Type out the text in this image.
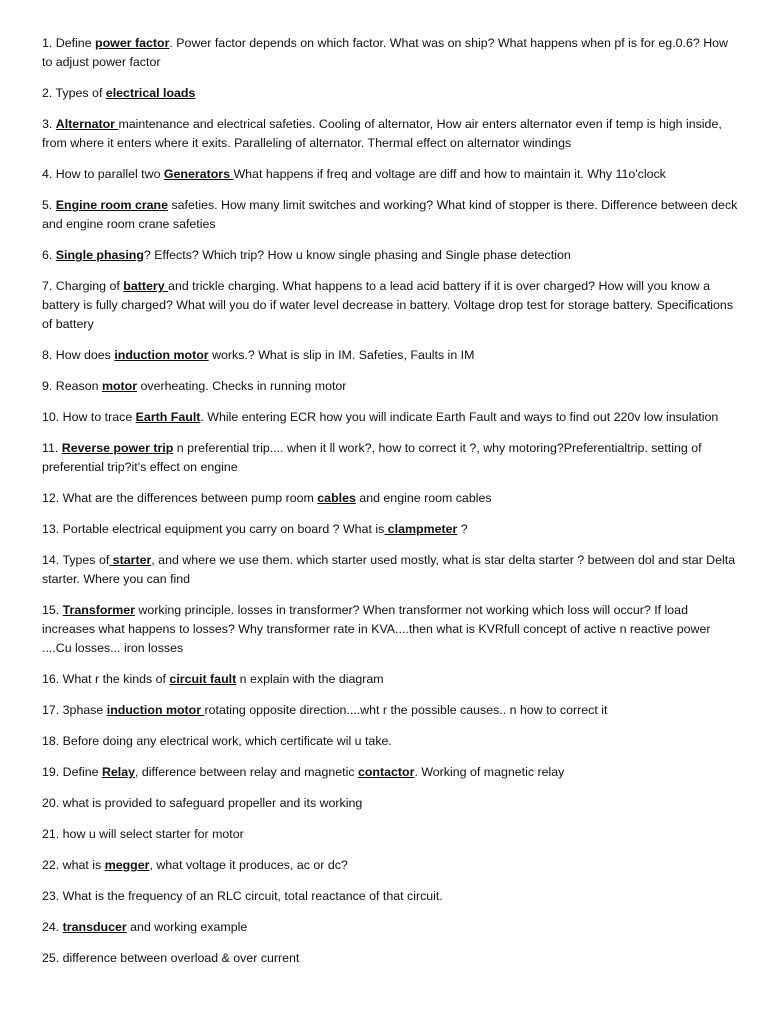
1. Define power factor. Power factor depends on which factor. What was on ship? What happens when pf is for eg.0.6? How to adjust power factor

2. Types of electrical loads

3. Alternator maintenance and electrical safeties. Cooling of alternator, How air enters alternator even if temp is high inside, from where it enters where it exits. Paralleling of alternator. Thermal effect on alternator windings

4. How to parallel two Generators What happens if freq and voltage are diff and how to maintain it. Why 11o'clock

5. Engine room crane safeties. How many limit switches and working? What kind of stopper is there. Difference between deck and engine room crane safeties

6. Single phasing? Effects? Which trip? How u know single phasing and Single phase detection

7. Charging of battery and trickle charging. What happens to a lead acid battery if it is over charged? How will you know a battery is fully charged? What will you do if water level decrease in battery. Voltage drop test for storage battery. Specifications of battery

8. How does induction motor works.? What is slip in IM. Safeties, Faults in IM

9. Reason motor overheating. Checks in running motor

10. How to trace Earth Fault. While entering ECR how you will indicate Earth Fault and ways to find out 220v low insulation

11. Reverse power trip n preferential trip.... when it ll work?, how to correct it ?, why motoring?Preferentialtrip. setting of preferential trip?it's effect on engine

12. What are the differences between pump room cables and engine room cables

13. Portable electrical equipment you carry on board ? What is clampmeter ?

14. Types of starter, and where we use them. which starter used mostly, what is star delta starter ? between dol and star Delta starter. Where you can find

15. Transformer working principle. losses in transformer? When transformer not working which loss will occur? If load increases what happens to losses? Why transformer rate in KVA....then what is KVRfull concept of active n reactive power ....Cu losses... iron losses

16. What r the kinds of circuit fault n explain with the diagram

17. 3phase induction motor rotating opposite direction....wht r the possible causes.. n how to correct it

18. Before doing any electrical work, which certificate wil u take.

19. Define Relay, difference between relay and magnetic contactor. Working of magnetic relay

20. what is provided to safeguard propeller and its working

21. how u will select starter for motor

22. what is megger, what voltage it produces, ac or dc?

23. What is the frequency of an RLC circuit, total reactance of that circuit.

24. transducer and working example

25. difference between overload & over current
